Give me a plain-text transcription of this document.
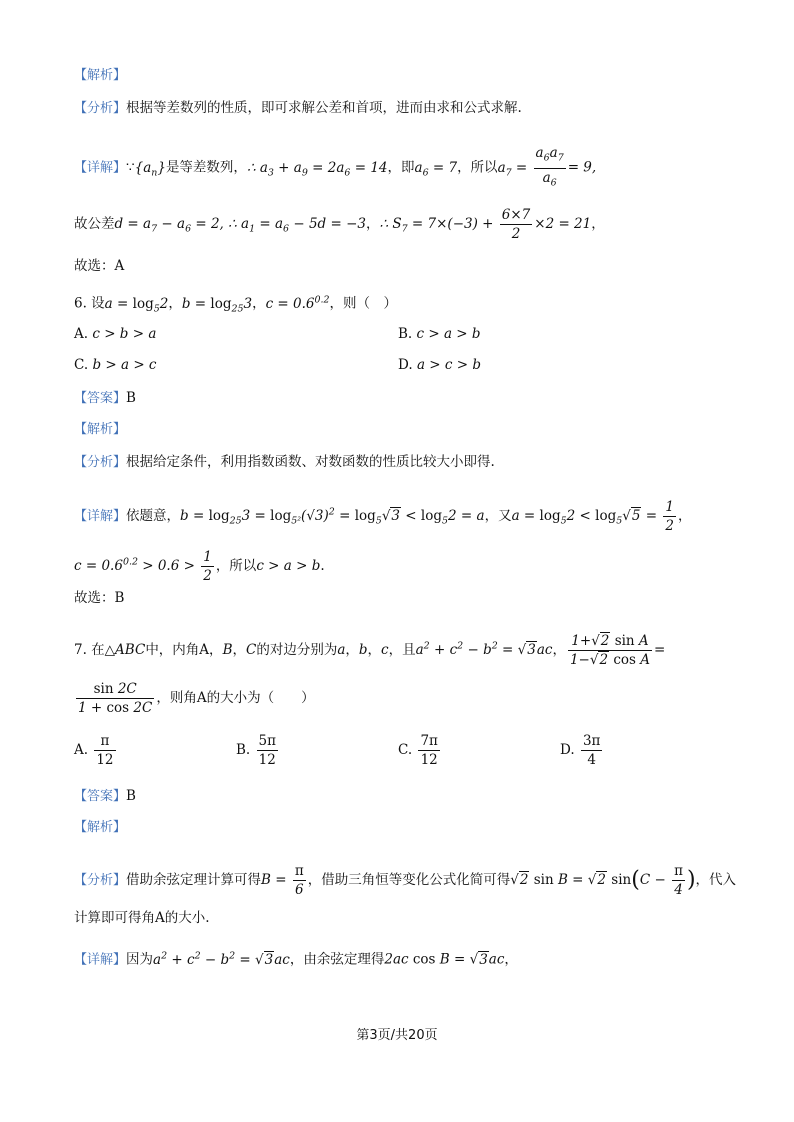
【解析】
【分析】根据等差数列的性质，即可求解公差和首项，进而由求和公式求解.
【详解】$\because\{a_n\}$是等差数列，∴ $a_3 + a_9 = 2a_6 = 14$，即$a_6 = 7$，所以$a_7 = \frac{a_6a_7}{a_6} = 9$,
故公差$d = a_7 - a_6 = 2$, ∴ $a_1 = a_6 - 5d = -3$，∴ $S_7 = 7\times(-3) + \frac{6\times 7}{2} \times 2 = 21$，
故选：A
6. 设$a = \log_52$，$b = \log_{25}3$，$c = 0.6^{0.2}$，则（　）
A. c > b > a	B. c > a > b
C. b > a > c	D. a > c > b
【答案】B
【解析】
【分析】根据给定条件，利用指数函数、对数函数的性质比较大小即得.
【详解】依题意，$b = \log_{25}3 = \log_{5^2}(√3)^2 = \log_5√3 < \log_52 = a$，又$a = \log_52 < \log_5√5 = \frac{1}{2}$ ，
$c = 0.6^{0.2} > 0.6 > \frac{1}{2}$ ，所以c > a > b.
故选：B
7. 在△ABC中，内角A，B，C的对边分别为a，b，c，且$a^2 + c^2 - b^2 = √3ac$， $\frac{\text{1+√2 sin A}}{\text{1−√2 cos A}}$ =
$\frac{\sin 2C}{1 + \cos 2C}$ ，则角A的大小为（　　）
A. $\frac{\pi}{12}$	B. $\frac{5\pi}{12}$	C. $\frac{7\pi}{12}$	D. $\frac{3\pi}{4}$
【答案】B
【解析】
【分析】借助余弦定理计算可得$B = \frac{\pi}{6}$ ，借助三角恒等变化公式化简可得√2 sin B = √2 $\sin(C - \frac{\pi}{4}$ )，代入
计算即可得角A的大小.
【详解】因为$a^2 + c^2 - b^2 = √3ac$，由余弦定理得2ac cos B = √3ac，
第3页/共20页
